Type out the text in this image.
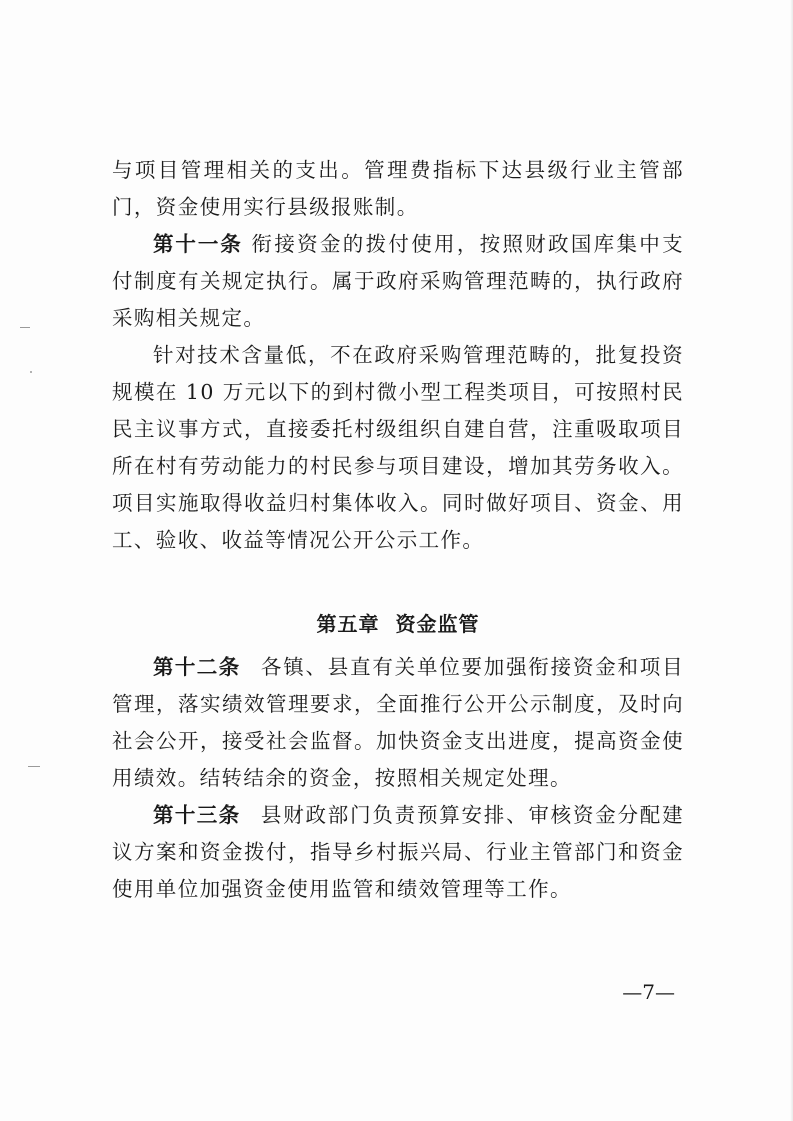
与项目管理相关的支出。管理费指标下达县级行业主管部门，资金使用实行县级报账制。

第十一条 衔接资金的拨付使用，按照财政国库集中支付制度有关规定执行。属于政府采购管理范畴的，执行政府采购相关规定。

针对技术含量低，不在政府采购管理范畴的，批复投资规模在 10 万元以下的到村微小型工程类项目，可按照村民民主议事方式，直接委托村级组织自建自营，注重吸取项目所在村有劳动能力的村民参与项目建设，增加其劳务收入。项目实施取得收益归村集体收入。同时做好项目、资金、用工、验收、收益等情况公开公示工作。

第五章  资金监管

第十二条 各镇、县直有关单位要加强衔接资金和项目管理，落实绩效管理要求，全面推行公开公示制度，及时向社会公开，接受社会监督。加快资金支出进度，提高资金使用绩效。结转结余的资金，按照相关规定处理。

第十三条 县财政部门负责预算安排、审核资金分配建议方案和资金拨付，指导乡村振兴局、行业主管部门和资金使用单位加强资金使用监管和绩效管理等工作。

—7—
